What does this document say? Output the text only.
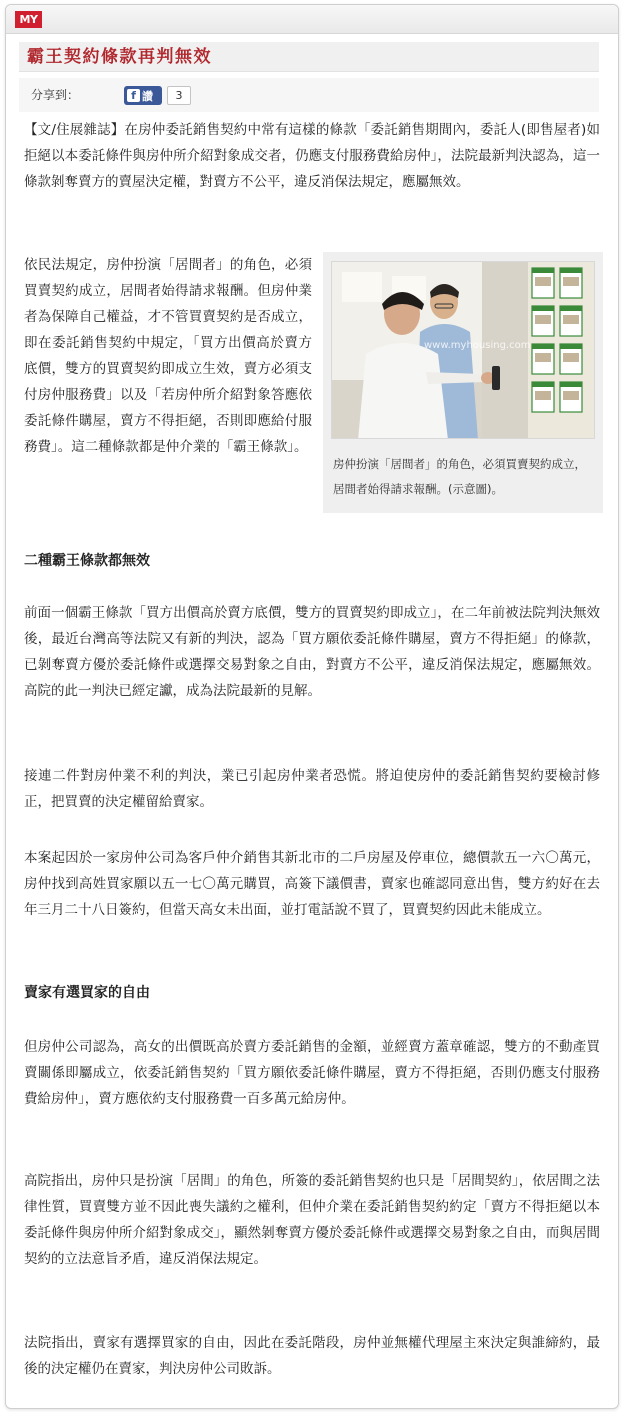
MY
霸王契約條款再判無效
分享到：	f 讚	3
【文/住展雜誌】在房仲委託銷售契約中常有這樣的條款「委託銷售期間內，委託人(即售屋者)如拒絕以本委託條件與房仲所介紹對象成交者，仍應支付服務費給房仲」，法院最新判決認為，這一條款剝奪賣方的賣屋決定權，對賣方不公平，違反消保法規定，應屬無效。
依民法規定，房仲扮演「居間者」的角色，必須買賣契約成立，居間者始得請求報酬。但房仲業者為保障自己權益，才不管買賣契約是否成立，即在委託銷售契約中規定，「買方出價高於賣方底價，雙方的買賣契約即成立生效，賣方必須支付房仲服務費」以及「若房仲所介紹對象答應依委託條件購屋，賣方不得拒絕，否則即應給付服務費」。這二種條款都是仲介業的「霸王條款」。
www.myhousing.com
房仲扮演「居間者」的角色，必須買賣契約成立，居間者始得請求報酬。(示意圖)。
二種霸王條款都無效
前面一個霸王條款「買方出價高於賣方底價，雙方的買賣契約即成立」，在二年前被法院判決無效後，最近台灣高等法院又有新的判決，認為「買方願依委託條件購屋，賣方不得拒絕」的條款，已剝奪賣方優於委託條件或選擇交易對象之自由，對賣方不公平，違反消保法規定，應屬無效。高院的此一判決已經定讞，成為法院最新的見解。
接連二件對房仲業不利的判決，業已引起房仲業者恐慌。將迫使房仲的委託銷售契約要檢討修正，把買賣的決定權留給賣家。
本案起因於一家房仲公司為客戶仲介銷售其新北市的二戶房屋及停車位，總價款五一六〇萬元，房仲找到高姓買家願以五一七〇萬元購買，高簽下議價書，賣家也確認同意出售，雙方約好在去年三月二十八日簽約，但當天高女未出面，並打電話說不買了，買賣契約因此未能成立。
賣家有選買家的自由
但房仲公司認為，高女的出價既高於賣方委託銷售的金額，並經賣方蓋章確認，雙方的不動產買賣關係即屬成立，依委託銷售契約「買方願依委託條件購屋，賣方不得拒絕，否則仍應支付服務費給房仲」，賣方應依約支付服務費一百多萬元給房仲。
高院指出，房仲只是扮演「居間」的角色，所簽的委託銷售契約也只是「居間契約」，依居間之法律性質，買賣雙方並不因此喪失議約之權利，但仲介業在委託銷售契約約定「賣方不得拒絕以本委託條件與房仲所介紹對象成交」，顯然剝奪賣方優於委託條件或選擇交易對象之自由，而與居間契約的立法意旨矛盾，違反消保法規定。
法院指出，賣家有選擇買家的自由，因此在委託階段，房仲並無權代理屋主來決定與誰締約，最後的決定權仍在賣家，判決房仲公司敗訴。
